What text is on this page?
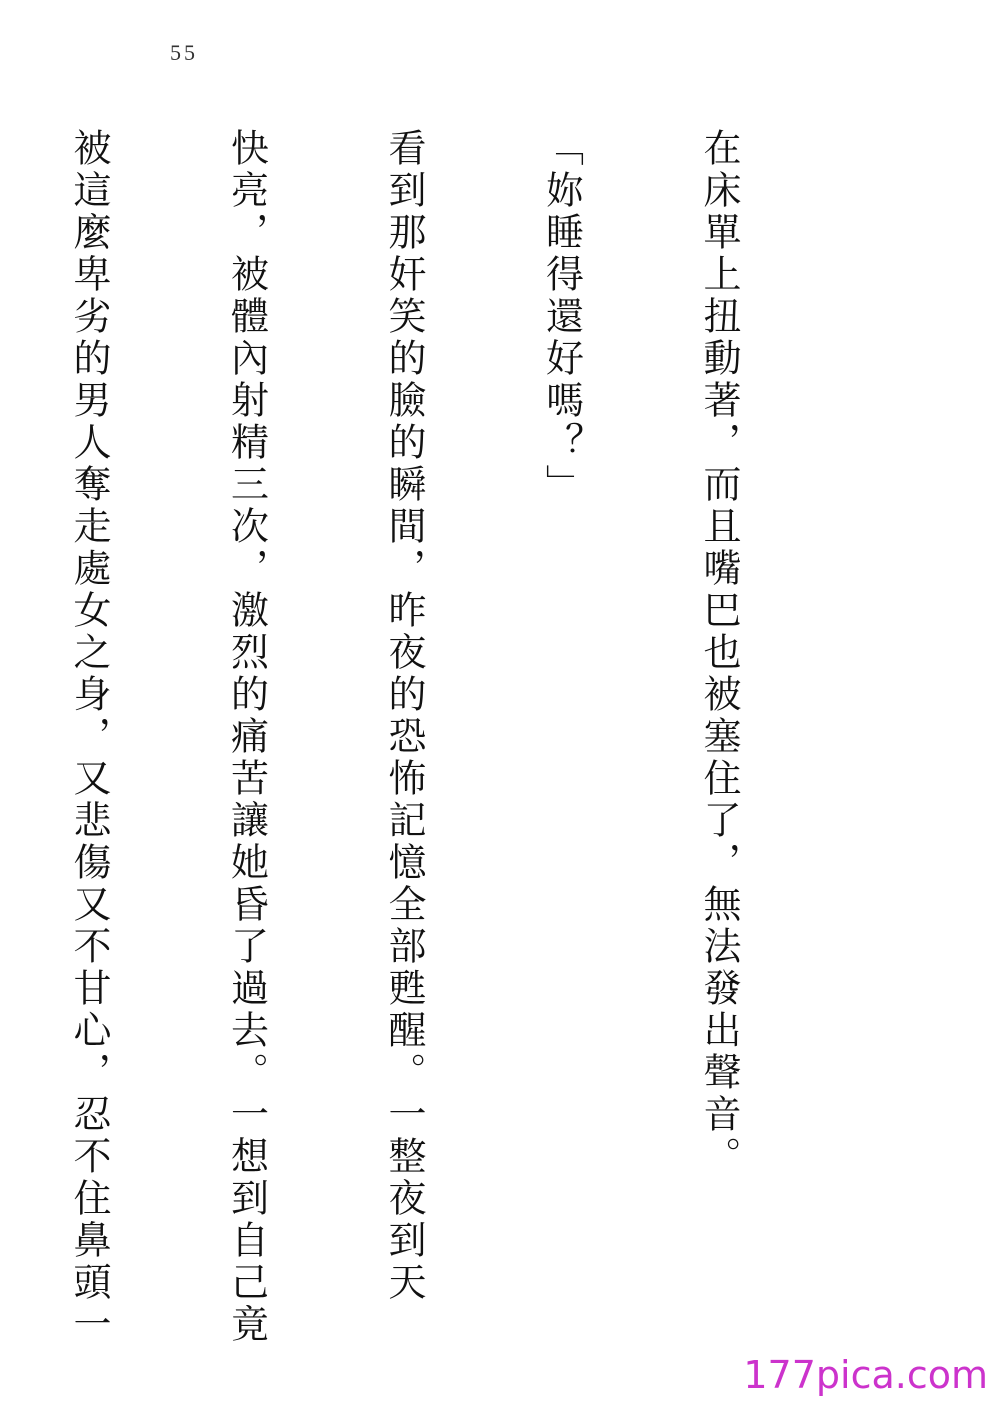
55

在床單上扭動著，而且嘴巴也被塞住了，無法發出聲音。

「妳睡得還好嗎？」

看到那奸笑的臉的瞬間，昨夜的恐怖記憶全部甦醒。一整夜到天

快亮，被體內射精三次，激烈的痛苦讓她昏了過去。一想到自己竟

被這麼卑劣的男人奪走處女之身，又悲傷又不甘心，忍不住鼻頭一

177pica.com
